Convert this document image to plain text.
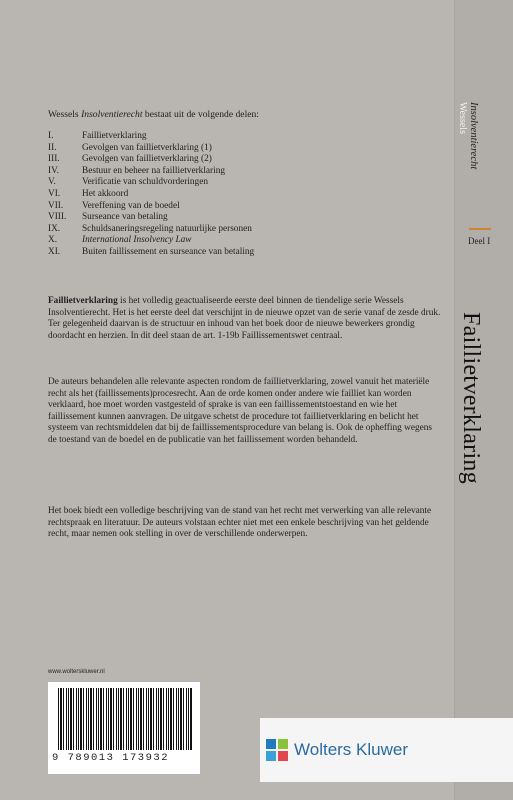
Wessels Insolventierecht bestaat uit de volgende delen:
I.	Faillietverklaring
II.	Gevolgen van faillietverklaring (1)
III.	Gevolgen van faillietverklaring (2)
IV.	Bestuur en beheer na faillietverklaring
V.	Verificatie van schuldvorderingen
VI.	Het akkoord
VII.	Vereffening van de boedel
VIII.	Surseance van betaling
IX.	Schuldsaneringsregeling natuurlijke personen
X.	International Insolvency Law
XI.	Buiten faillissement en surseance van betaling

Faillietverklaring is het volledig geactualiseerde eerste deel binnen de tiendelige serie Wessels Insolventierecht. Het is het eerste deel dat verschijnt in de nieuwe opzet van de serie vanaf de zesde druk. Ter gelegenheid daarvan is de structuur en inhoud van het boek door de nieuwe bewerkers grondig doordacht en herzien. In dit deel staan de art. 1-19b Faillissementswet centraal.

De auteurs behandelen alle relevante aspecten rondom de faillietverklaring, zowel vanuit het materiële recht als het (faillissements)procesrecht. Aan de orde komen onder andere wie failliet kan worden verklaard, hoe moet worden vastgesteld of sprake is van een faillissementstoestand en wie het faillissement kunnen aanvragen. De uitgave schetst de procedure tot faillietverklaring en belicht het systeem van rechtsmiddelen dat bij de faillissementsprocedure van belang is. Ook de opheffing wegens de toestand van de boedel en de publicatie van het faillissement worden behandeld.

Het boek biedt een volledige beschrijving van de stand van het recht met verwerking van alle relevante rechtspraak en literatuur. De auteurs volstaan echter niet met een enkele beschrijving van het geldende recht, maar nemen ook stelling in over de verschillende onderwerpen.

www.wolterskluwer.nl
9 789013 173932
Wessels Insolventierecht
Deel I
Faillietverklaring
Wolters Kluwer
